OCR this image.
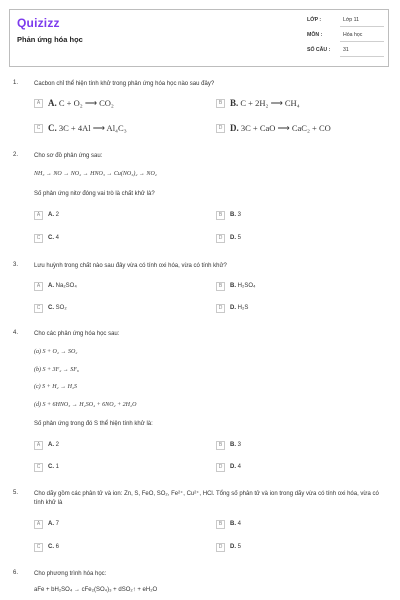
Quizizz
Phản ứng hóa học
LỚP :	Lớp 11
MÔN :	Hóa học
SỐ CÂU : 31
1.	Cacbon chỉ thể hiện tính khử trong phản ứng hóa học nào sau đây?
A A. C + O₂ ⟶ CO₂	B B. C + 2H₂ ⟶ CH₄
C C. 3C + 4Al ⟶ Al₄C₃	D D. 3C + CaO ⟶ CaC₂ + CO
2.	Cho sơ đồ phản ứng sau:
NH₃ → NO → NO₂ → HNO₃ → Cu(NO₃)₂ → NO₂
Số phản ứng nitơ đóng vai trò là chất khử là?
A	A. 2	B	B. 3
C	C. 4	D	D. 5
3.	Lưu huỳnh trong chất nào sau đây vừa có tính oxi hóa, vừa có tính khử?
A	A. Na₂SO₄	B	B. H₂SO₄
C	C. SO₂	D	D. H₂S
4.	Cho các phản ứng hóa học sau:
(a) S + O₂ → SO₂
(b) S + 3F₂ → SF₆
(c) S + H₂ → H₂S
(d) S + 6HNO₃ → H₂SO₄ + 6NO₂ + 2H₂O
Số phản ứng trong đó S thể hiện tính khử là:
A	A. 2	B	B. 3
C	C. 1	D	D. 4
5.	Cho dãy gồm các phân tử và ion: Zn, S, FeO, SO₂, Fe²⁺, Cu²⁺, HCl. Tổng số phân tử và ion trong dãy vừa có tính oxi hóa, vừa có tính khử là
A	A. 7	B	B. 4
C	C. 6	D	D. 5
6.	Cho phương trình hóa học:
aFe + bH₂SO₄ → cFe₂(SO₄)₃ + dSO₂↑ + eH₂O
